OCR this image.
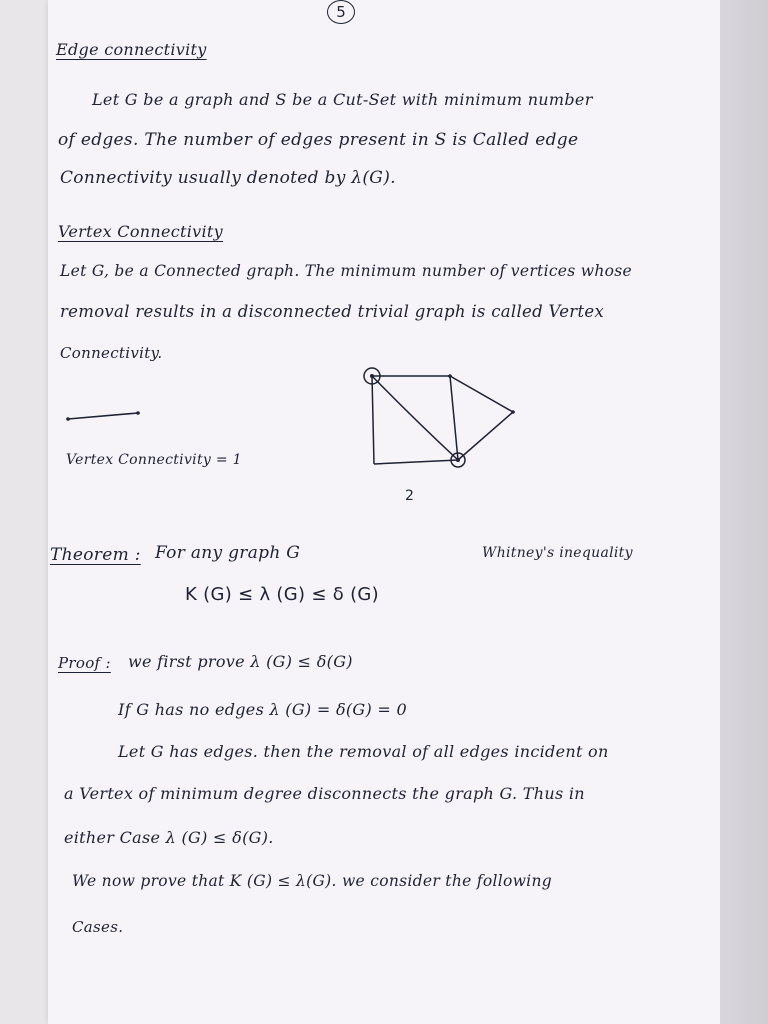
5
Edge connectivity
Let G be a graph and S be a Cut-Set with minimum number
of edges. The number of edges present in S is Called edge
Connectivity usually denoted by λ(G).
Vertex Connectivity
Let G, be a Connected graph. The minimum number of vertices whose
removal results in a disconnected trivial graph is called Vertex
Connectivity.
Vertex Connectivity = 1
2
Theorem : For any graph G	Whitney's inequality
K (G) ≤ λ (G) ≤ δ (G)
Proof : we first prove λ (G) ≤ δ(G)
If G has no edges λ (G) = δ(G) = 0
Let G has edges. then the removal of all edges incident on
a Vertex of minimum degree disconnects the graph G. Thus in
either Case λ (G) ≤ δ(G).
We now prove that K (G) ≤ λ(G). we consider the following
Cases.
